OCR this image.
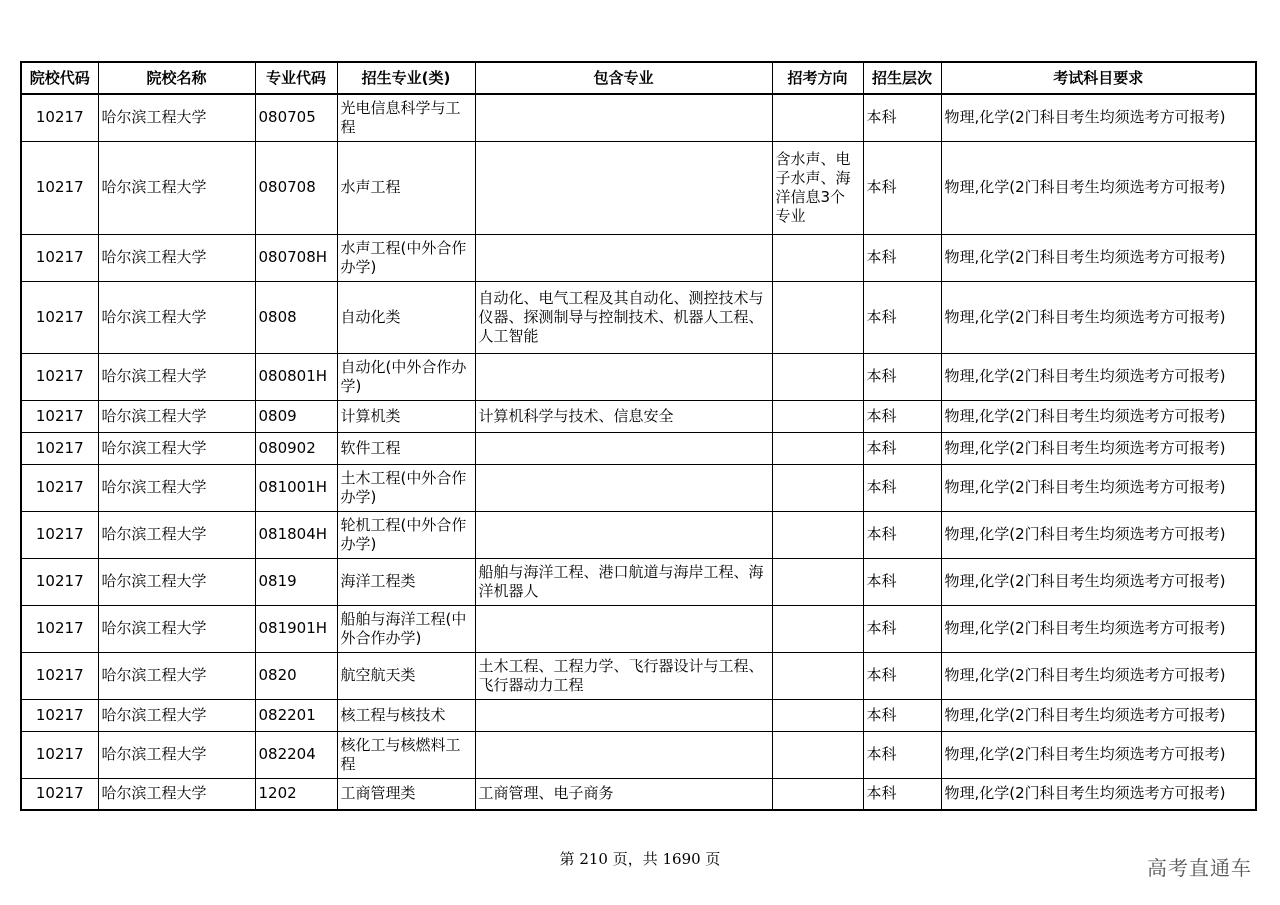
院校代码	院校名称	专业代码	招生专业(类)	包含专业	招考方向	招生层次	考试科目要求
10217	哈尔滨工程大学	080705	光电信息科学与工程			本科	物理,化学(2门科目考生均须选考方可报考)
10217	哈尔滨工程大学	080708	水声工程		含水声、电子水声、海洋信息3个专业	本科	物理,化学(2门科目考生均须选考方可报考)
10217	哈尔滨工程大学	080708H	水声工程(中外合作办学)			本科	物理,化学(2门科目考生均须选考方可报考)
10217	哈尔滨工程大学	0808	自动化类	自动化、电气工程及其自动化、测控技术与仪器、探测制导与控制技术、机器人工程、人工智能		本科	物理,化学(2门科目考生均须选考方可报考)
10217	哈尔滨工程大学	080801H	自动化(中外合作办学)			本科	物理,化学(2门科目考生均须选考方可报考)
10217	哈尔滨工程大学	0809	计算机类	计算机科学与技术、信息安全		本科	物理,化学(2门科目考生均须选考方可报考)
10217	哈尔滨工程大学	080902	软件工程			本科	物理,化学(2门科目考生均须选考方可报考)
10217	哈尔滨工程大学	081001H	土木工程(中外合作办学)			本科	物理,化学(2门科目考生均须选考方可报考)
10217	哈尔滨工程大学	081804H	轮机工程(中外合作办学)			本科	物理,化学(2门科目考生均须选考方可报考)
10217	哈尔滨工程大学	0819	海洋工程类	船舶与海洋工程、港口航道与海岸工程、海洋机器人		本科	物理,化学(2门科目考生均须选考方可报考)
10217	哈尔滨工程大学	081901H	船舶与海洋工程(中外合作办学)			本科	物理,化学(2门科目考生均须选考方可报考)
10217	哈尔滨工程大学	0820	航空航天类	土木工程、工程力学、飞行器设计与工程、飞行器动力工程		本科	物理,化学(2门科目考生均须选考方可报考)
10217	哈尔滨工程大学	082201	核工程与核技术			本科	物理,化学(2门科目考生均须选考方可报考)
10217	哈尔滨工程大学	082204	核化工与核燃料工程			本科	物理,化学(2门科目考生均须选考方可报考)
10217	哈尔滨工程大学	1202	工商管理类	工商管理、电子商务		本科	物理,化学(2门科目考生均须选考方可报考)
第 210 页，共 1690 页	高考直通车
